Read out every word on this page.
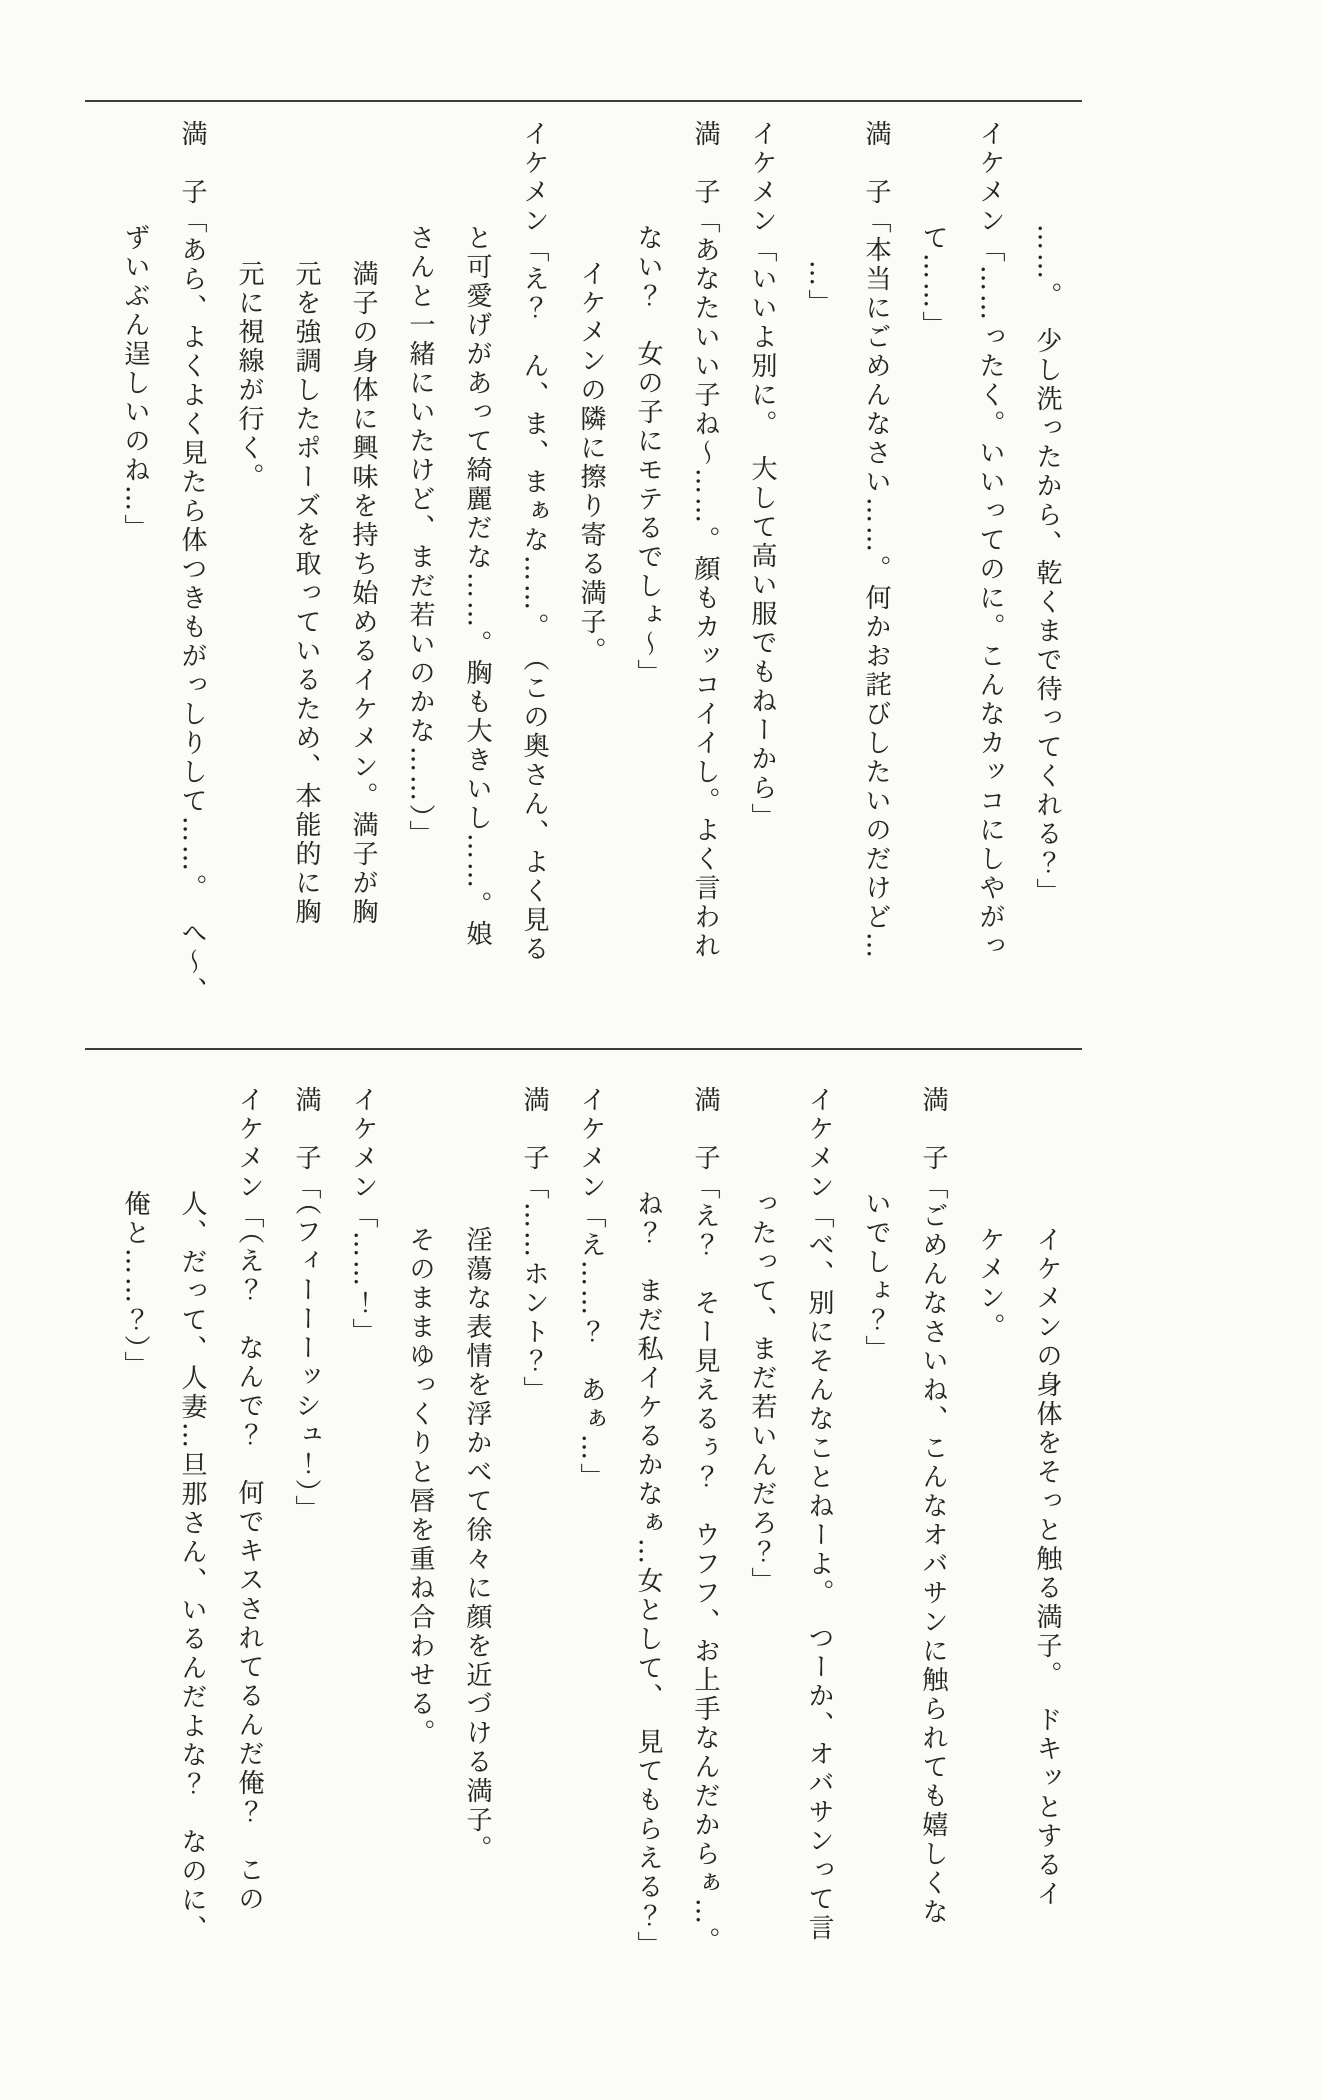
……。　少し洗ったから、乾くまで待ってくれる？」
イケメン「……ったく。いいってのに。こんなカッコにしやがっ
て……」
満　子「本当にごめんなさい……。何かお詫びしたいのだけど…
…」
イケメン「いいよ別に。　大して高い服でもねーから」
満　子「あなたいい子ね〜……。顔もカッコイイし。よく言われ
ない？　女の子にモテるでしょ〜」
イケメンの隣に擦り寄る満子。
イケメン「え？　ん、ま、まぁな……。　（この奥さん、よく見る
と可愛げがあって綺麗だな……。胸も大きいし……。娘
さんと一緒にいたけど、まだ若いのかな……）」
満子の身体に興味を持ち始めるイケメン。満子が胸
元を強調したポーズを取っているため、本能的に胸
元に視線が行く。
満　子「あら、よくよく見たら体つきもがっしりして……。　へ〜、
ずいぶん逞しいのね…」
イケメンの身体をそっと触る満子。　ドキッとするイ
ケメン。
満　子「ごめんなさいね、こんなオバサンに触られても嬉しくな
いでしょ？」
イケメン「べ、別にそんなことねーよ。　つーか、オバサンって言
ったって、まだ若いんだろ？」
満　子「え？　そー見えるぅ？　ウフフ、お上手なんだからぁ…。
ね？　まだ私イケるかなぁ…女として、　見てもらえる？」
イケメン「え……？　あぁ…」
満　子「……ホント？」
淫蕩な表情を浮かべて徐々に顔を近づける満子。
そのままゆっくりと唇を重ね合わせる。
イケメン「……！」
満　子「（フィーーーッシュ！）」
イケメン「（え？　なんで？　何でキスされてるんだ俺？　この
人、だって、人妻…旦那さん、いるんだよな？　なのに、
俺と……？）」
